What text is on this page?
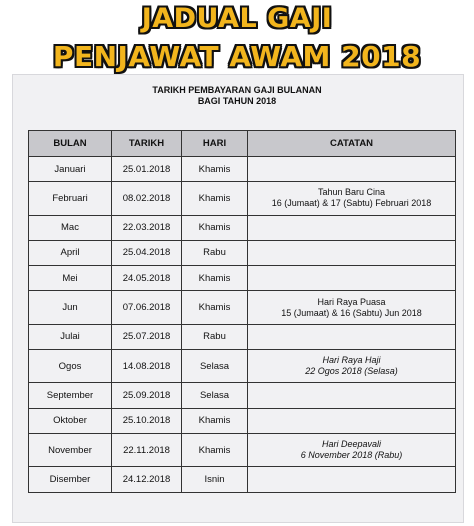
JADUAL GAJI
PENJAWAT AWAM 2018
TARIKH PEMBAYARAN GAJI BULANAN
BAGI TAHUN 2018
BULAN	TARIKH	HARI	CATATAN
Januari	25.01.2018	Khamis	
Februari	08.02.2018	Khamis	Tahun Baru Cina
16 (Jumaat) & 17 (Sabtu) Februari 2018

Mac	22.03.2018	Khamis	
April	25.04.2018	Rabu	
Mei	24.05.2018	Khamis	
Jun	07.06.2018	Khamis	Hari Raya Puasa
15 (Jumaat) & 16 (Sabtu) Jun 2018

Julai	25.07.2018	Rabu	
Ogos	14.08.2018	Selasa	Hari Raya Haji
22 Ogos 2018 (Selasa)

September	25.09.2018	Selasa	
Oktober	25.10.2018	Khamis	
November	22.11.2018	Khamis	Hari Deepavali
6 November 2018 (Rabu)

Disember	24.12.2018	Isnin	
